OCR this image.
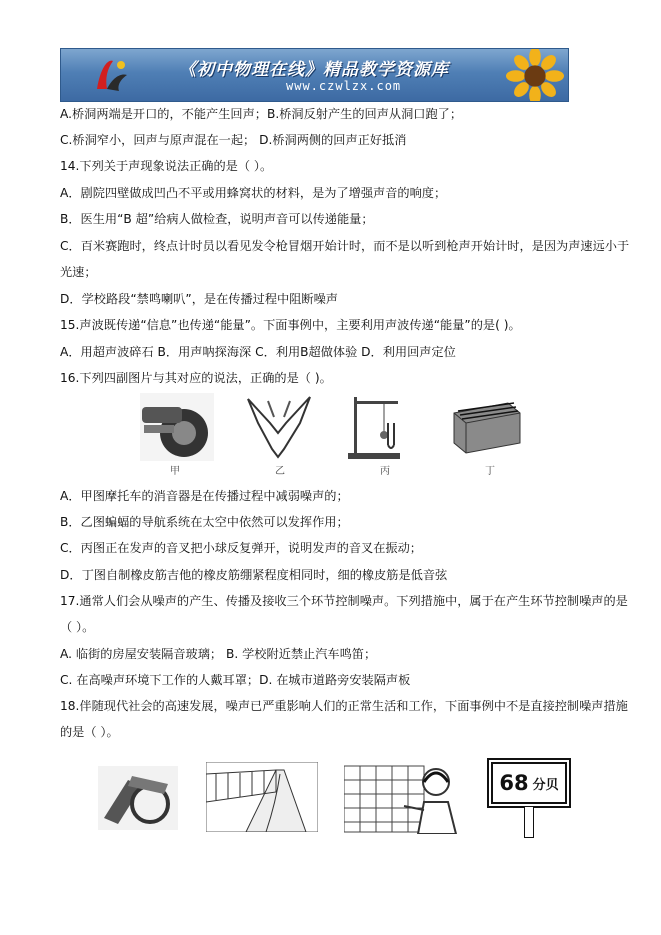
《初中物理在线》精品教学资源库
www.czwlzx.com
A.桥洞两端是开口的，不能产生回声；B.桥洞反射产生的回声从洞口跑了；
C.桥洞窄小，回声与原声混在一起； D.桥洞两侧的回声正好抵消
14.下列关于声现象说法正确的是（ ）。
A．剧院四壁做成凹凸不平或用蜂窝状的材料，是为了增强声音的响度；
B．医生用“B 超”给病人做检查，说明声音可以传递能量；
C．百米赛跑时，终点计时员以看见发令枪冒烟开始计时，而不是以听到枪声开始计时，是因为声速远小于
光速；
D．学校路段“禁鸣喇叭”，是在传播过程中阻断噪声
15.声波既传递“信息”也传递“能量”。下面事例中，主要利用声波传递“能量”的是( )。
A．用超声波碎石 B．用声呐探海深 C．利用B超做体验 D．利用回声定位
16.下列四副图片与其对应的说法，正确的是（ )。
甲	乙	丙	丁
A．甲图摩托车的消音器是在传播过程中减弱噪声的；
B．乙图蝙蝠的导航系统在太空中依然可以发挥作用；
C．丙图正在发声的音叉把小球反复弹开，说明发声的音叉在振动；
D．丁图自制橡皮筋吉他的橡皮筋绷紧程度相同时，细的橡皮筋是低音弦
17.通常人们会从噪声的产生、传播及接收三个环节控制噪声。下列措施中，属于在产生环节控制噪声的是
（ ）。
A. 临街的房屋安装隔音玻璃； B. 学校附近禁止汽车鸣笛；
C. 在高噪声环境下工作的人戴耳罩；D. 在城市道路旁安装隔声板
18.伴随现代社会的高速发展，噪声已严重影响人们的正常生活和工作，下面事例中不是直接控制噪声措施
的是（ ）。
68 分贝
